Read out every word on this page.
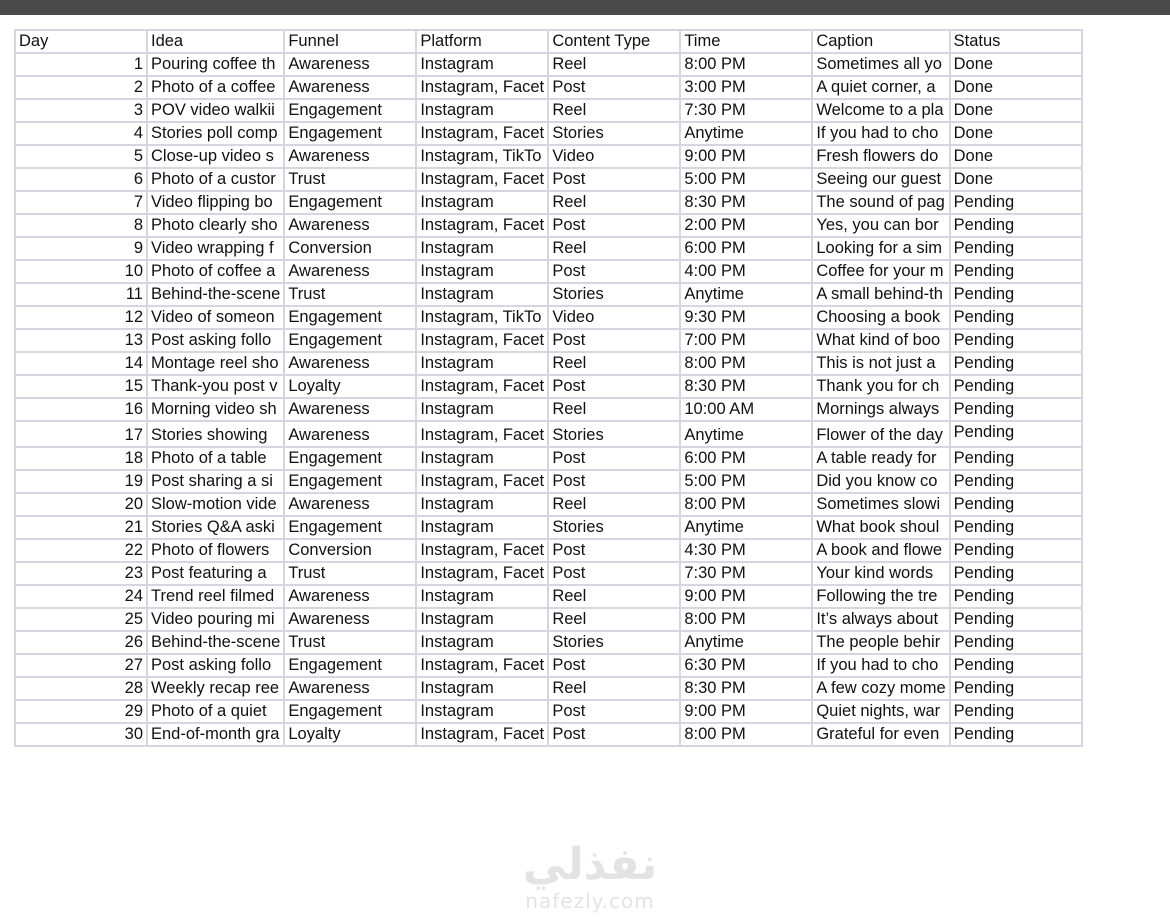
Day	Idea	Funnel	Platform	Content Type	Time	Caption	Status
1	Pouring coffee th	Awareness	Instagram	Reel	8:00 PM	Sometimes all yo	Done
2	Photo of a coffee	Awareness	Instagram, Facet	Post	3:00 PM	A quiet corner, a	Done
3	POV video walkii	Engagement	Instagram	Reel	7:30 PM	Welcome to a pla	Done
4	Stories poll comp	Engagement	Instagram, Facet	Stories	Anytime	If you had to cho	Done
5	Close-up video s	Awareness	Instagram, TikTo	Video	9:00 PM	Fresh flowers do	Done
6	Photo of a custor	Trust	Instagram, Facet	Post	5:00 PM	Seeing our guest	Done
7	Video flipping bo	Engagement	Instagram	Reel	8:30 PM	The sound of pag	Pending
8	Photo clearly sho	Awareness	Instagram, Facet	Post	2:00 PM	Yes, you can bor	Pending
9	Video wrapping f	Conversion	Instagram	Reel	6:00 PM	Looking for a sim	Pending
10	Photo of coffee a	Awareness	Instagram	Post	4:00 PM	Coffee for your m	Pending
11	Behind-the-scene	Trust	Instagram	Stories	Anytime	A small behind-th	Pending
12	Video of someon	Engagement	Instagram, TikTo	Video	9:30 PM	Choosing a book	Pending
13	Post asking follo	Engagement	Instagram, Facet	Post	7:00 PM	What kind of boo	Pending
14	Montage reel sho	Awareness	Instagram	Reel	8:00 PM	This is not just a	Pending
15	Thank-you post v	Loyalty	Instagram, Facet	Post	8:30 PM	Thank you for ch	Pending
16	Morning video sh	Awareness	Instagram	Reel	10:00 AM	Mornings always	Pending
17	Stories showing	Awareness	Instagram, Facet	Stories	Anytime	Flower of the day	Pending
18	Photo of a table	Engagement	Instagram	Post	6:00 PM	A table ready for	Pending
19	Post sharing a si	Engagement	Instagram, Facet	Post	5:00 PM	Did you know co	Pending
20	Slow-motion vide	Awareness	Instagram	Reel	8:00 PM	Sometimes slowi	Pending
21	Stories Q&A aski	Engagement	Instagram	Stories	Anytime	What book shoul	Pending
22	Photo of flowers	Conversion	Instagram, Facet	Post	4:30 PM	A book and flowe	Pending
23	Post featuring a	Trust	Instagram, Facet	Post	7:30 PM	Your kind words	Pending
24	Trend reel filmed	Awareness	Instagram	Reel	9:00 PM	Following the tre	Pending
25	Video pouring mi	Awareness	Instagram	Reel	8:00 PM	It’s always about	Pending
26	Behind-the-scene	Trust	Instagram	Stories	Anytime	The people behir	Pending
27	Post asking follo	Engagement	Instagram, Facet	Post	6:30 PM	If you had to cho	Pending
28	Weekly recap ree	Awareness	Instagram	Reel	8:30 PM	A few cozy mome	Pending
29	Photo of a quiet	Engagement	Instagram	Post	9:00 PM	Quiet nights, war	Pending
30	End-of-month gra	Loyalty	Instagram, Facet	Post	8:00 PM	Grateful for even	Pending
نفذلي
nafezly.com
